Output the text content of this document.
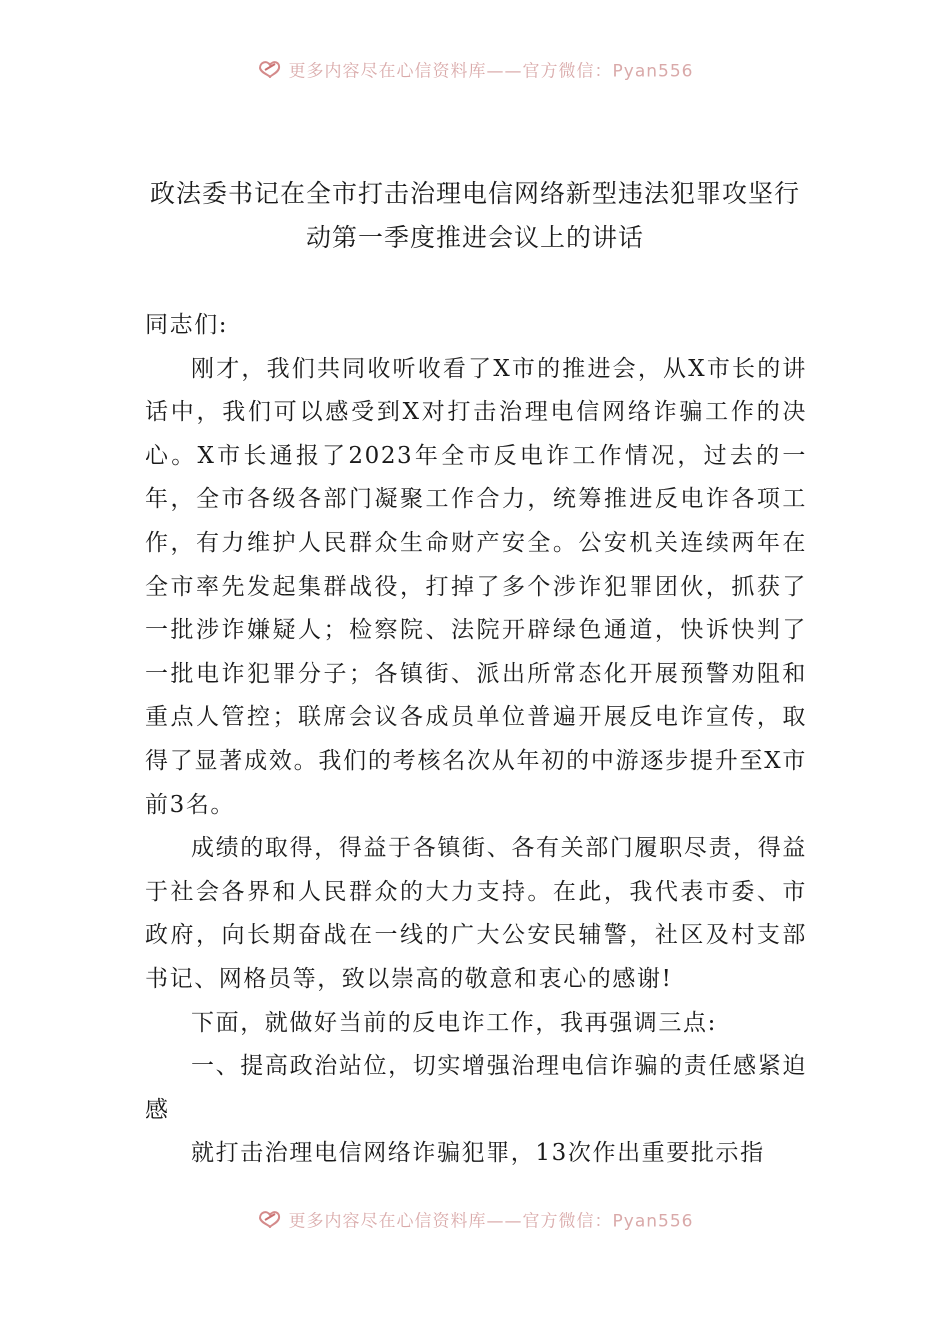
更多内容尽在心信资料库——官方微信：Pyan556
政法委书记在全市打击治理电信网络新型违法犯罪攻坚行动第一季度推进会议上的讲话

同志们:

刚才，我们共同收听收看了X市的推进会，从X市长的讲话中，我们可以感受到X对打击治理电信网络诈骗工作的决心。X市长通报了2023年全市反电诈工作情况，过去的一年，全市各级各部门凝聚工作合力，统筹推进反电诈各项工作，有力维护人民群众生命财产安全。公安机关连续两年在全市率先发起集群战役，打掉了多个涉诈犯罪团伙，抓获了一批涉诈嫌疑人；检察院、法院开辟绿色通道，快诉快判了一批电诈犯罪分子；各镇街、派出所常态化开展预警劝阻和重点人管控；联席会议各成员单位普遍开展反电诈宣传，取得了显著成效。我们的考核名次从年初的中游逐步提升至X市前3名。

成绩的取得，得益于各镇街、各有关部门履职尽责，得益于社会各界和人民群众的大力支持。在此，我代表市委、市政府，向长期奋战在一线的广大公安民辅警，社区及村支部书记、网格员等，致以崇高的敬意和衷心的感谢!

下面，就做好当前的反电诈工作，我再强调三点:

一、提高政治站位，切实增强治理电信诈骗的责任感紧迫感

就打击治理电信网络诈骗犯罪，13次作出重要批示指

更多内容尽在心信资料库——官方微信：Pyan556
